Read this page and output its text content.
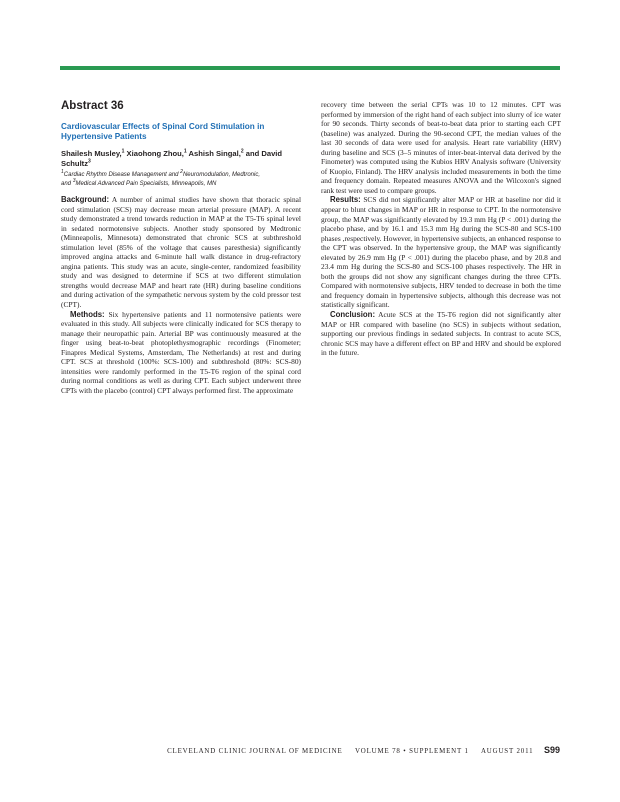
Abstract 36
Cardiovascular Effects of Spinal Cord Stimulation in Hypertensive Patients
Shailesh Musley,$^1$ Xiaohong Zhou,$^1$ Ashish Singal,$^2$ and David Schultz$^3$
$^1$Cardiac Rhythm Disease Management and $^2$Neuromodulation, Medtronic,
and $^3$Medical Advanced Pain Specialists, Minneapolis, MN

Background: A number of animal studies have shown that thoracic spinal cord stimulation (SCS) may decrease mean arterial pressure (MAP). A recent study demonstrated a trend towards reduction in MAP at the T5-T6 spinal level in sedated normotensive subjects. Another study sponsored by Medtronic (Minneapolis, Minnesota) demonstrated that chronic SCS at subthreshold stimulation level (85% of the voltage that causes paresthesia) significantly improved angina attacks and 6-minute hall walk distance in drug-refractory angina patients. This study was an acute, single-center, randomized feasibility study and was designed to determine if SCS at two different stimulation strengths would decrease MAP and heart rate (HR) during baseline conditions and during activation of the sympathetic nervous system by the cold pressor test (CPT).

Methods: Six hypertensive patients and 11 normotensive patients were evaluated in this study. All subjects were clinically indicated for SCS therapy to manage their neuropathic pain. Arterial BP was continuously measured at the finger using beat-to-beat photoplethysmographic recordings (Finometer; Finapres Medical Systems, Amsterdam, The Netherlands) at rest and during CPT. SCS at threshold (100%: SCS-100) and subthreshold (80%: SCS-80) intensities were randomly performed in the T5-T6 region of the spinal cord during normal conditions as well as during CPT. Each subject underwent three CPTs with the placebo (control) CPT always performed first. The approximate

recovery time between the serial CPTs was 10 to 12 minutes. CPT was performed by immersion of the right hand of each subject into slurry of ice water for 90 seconds. Thirty seconds of beat-to-beat data prior to starting each CPT (baseline) was analyzed. During the 90-second CPT, the median values of the last 30 seconds of data were used for analysis. Heart rate variability (HRV) during baseline and SCS (3–5 minutes of inter-beat-interval data derived by the Finometer) was computed using the Kubios HRV Analysis software (University of Kuopio, Finland). The HRV analysis included measurements in both the time and frequency domain. Repeated measures ANOVA and the Wilcoxon's signed rank test were used to compare groups.

Results: SCS did not significantly alter MAP or HR at baseline nor did it appear to blunt changes in MAP or HR in response to CPT. In the normotensive group, the MAP was significantly elevated by 19.3 mm Hg (P < .001) during the placebo phase, and by 16.1 and 15.3 mm Hg during the SCS-80 and SCS-100 phases ,respectively. However, in hypertensive subjects, an enhanced response to the CPT was observed. In the hypertensive group, the MAP was significantly elevated by 26.9 mm Hg (P < .001) during the placebo phase, and by 20.8 and 23.4 mm Hg during the SCS-80 and SCS-100 phases respectively. The HR in both the groups did not show any significant changes during the three CPTs. Compared with normotensive subjects, HRV tended to decrease in both the time and frequency domain in hypertensive subjects, although this decrease was not statistically significant.

Conclusion: Acute SCS at the T5-T6 region did not significantly alter MAP or HR compared with baseline (no SCS) in subjects without sedation, supporting our previous findings in sedated subjects. In contrast to acute SCS, chronic SCS may have a different effect on BP and HRV and should be explored in the future.

CLEVELAND CLINIC JOURNAL OF MEDICINE VOLUME 78 • SUPPLEMENT 1 AUGUST 2011 S99
